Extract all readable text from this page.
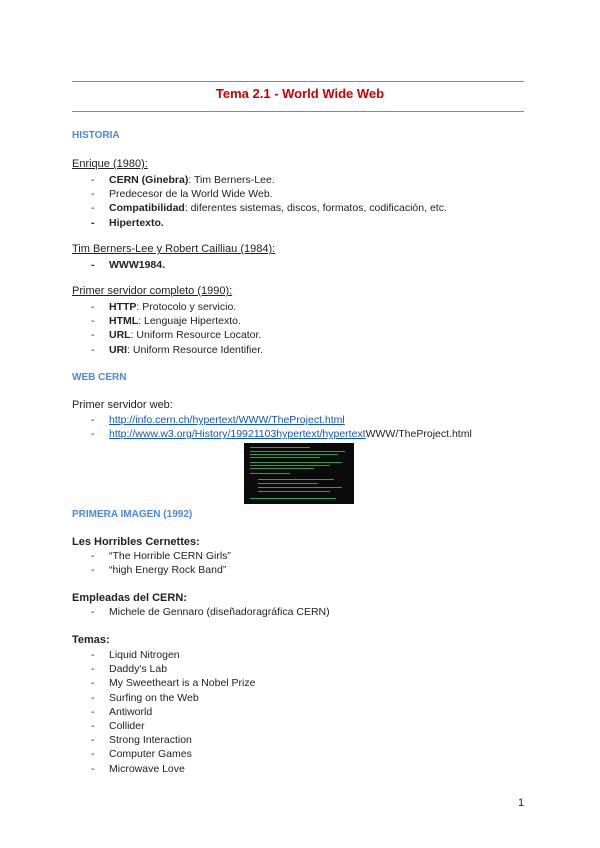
Tema 2.1 - World Wide Web
HISTORIA
Enrique (1980):
- CERN (Ginebra): Tim Berners-Lee.
- Predecesor de la World Wide Web.
- Compatibilidad: diferentes sistemas, discos, formatos, codificación, etc.
- Hipertexto.
Tim Berners-Lee y Robert Cailliau (1984):
- WWW1984.
Primer servidor completo (1990):
- HTTP: Protocolo y servicio.
- HTML: Lenguaje Hipertexto.
- URL: Uniform Resource Locator.
- URI: Uniform Resource Identifier.
WEB CERN
Primer servidor web:
- http://info.cern.ch/hypertext/WWW/TheProject.html
- http://www.w3.org/History/19921103hypertext/hypertextWWW/TheProject.html
PRIMERA IMAGEN (1992)
Les Horribles Cernettes:
- “The Horrible CERN Girls”
- “high Energy Rock Band”
Empleadas del CERN:
- Michele de Gennaro (diseñadoragráfica CERN)
Temas:
- Liquid Nitrogen
- Daddy's Lab
- My Sweetheart is a Nobel Prize
- Surfing on the Web
- Antiworld
- Collider
- Strong Interaction
- Computer Games
- Microwave Love
1
